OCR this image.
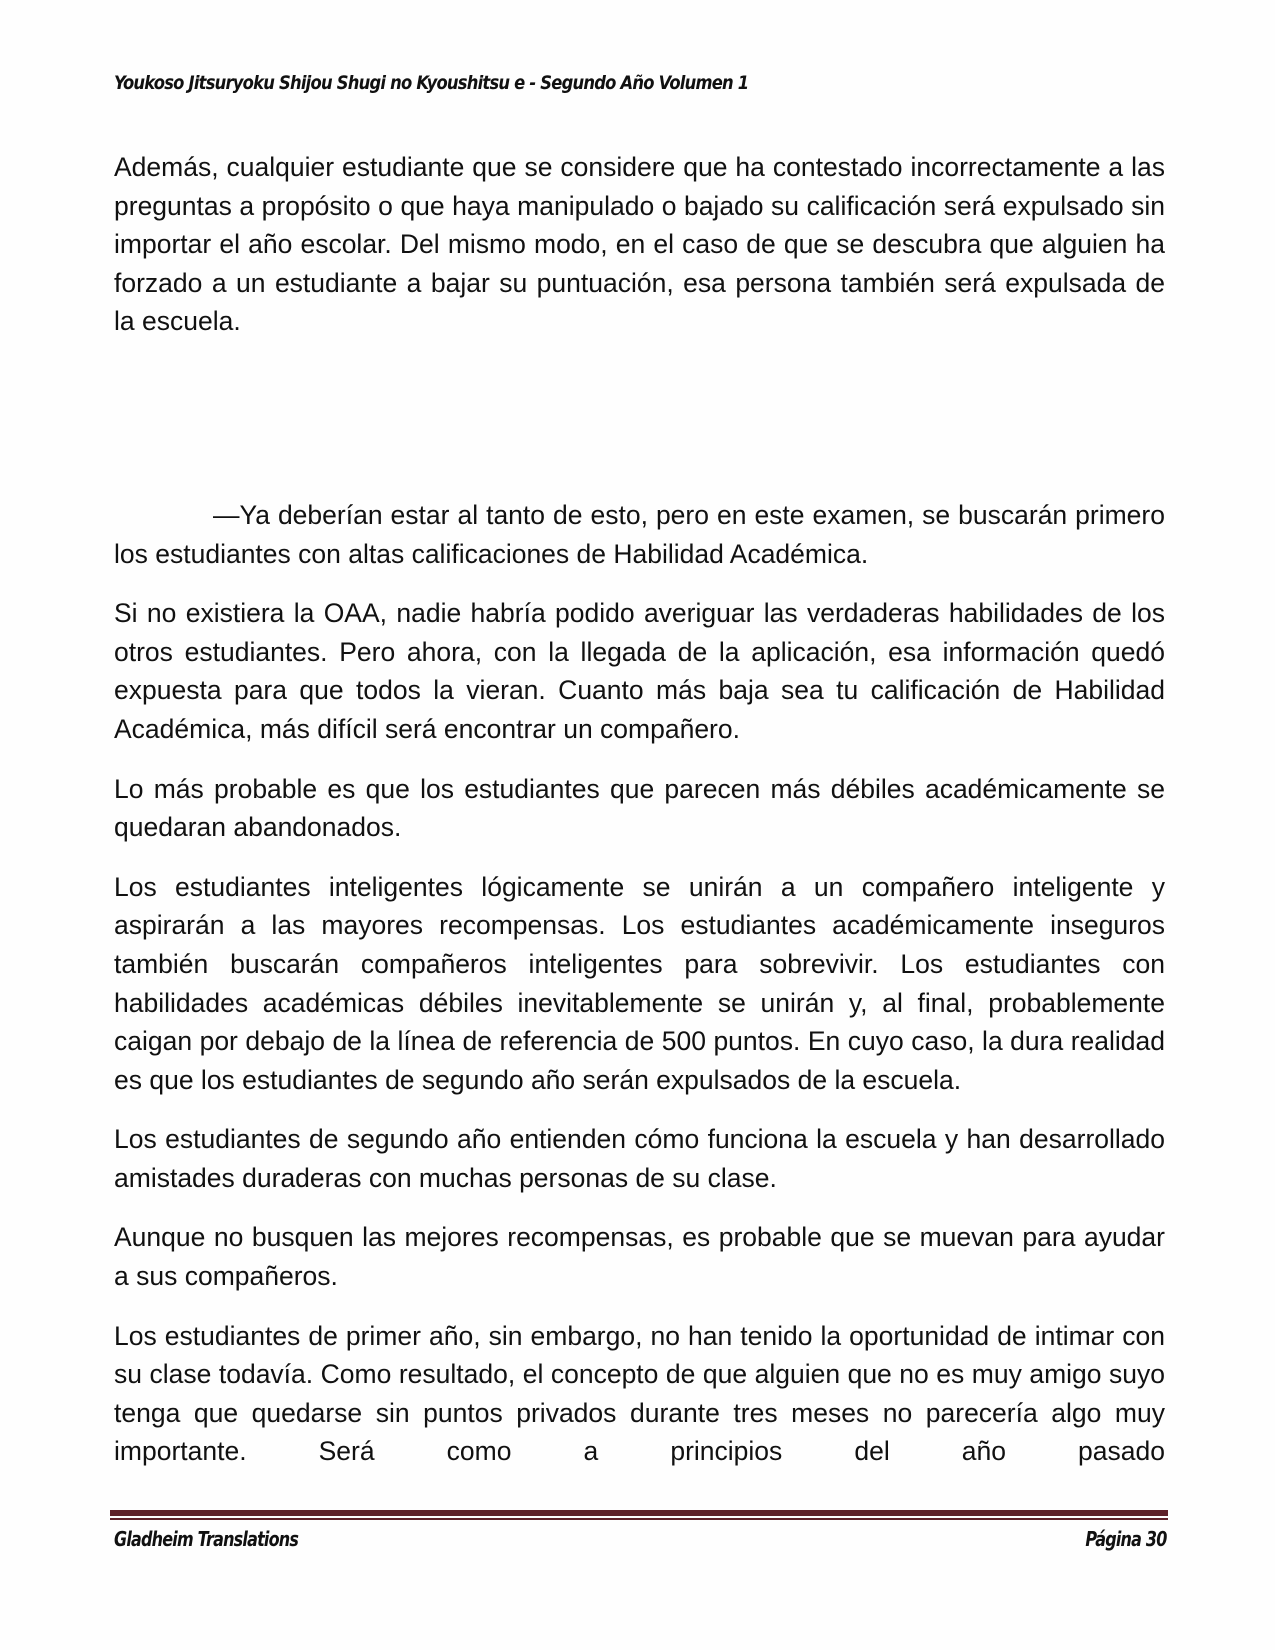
Youkoso Jitsuryoku Shijou Shugi no Kyoushitsu e - Segundo Año Volumen 1

Además, cualquier estudiante que se considere que ha contestado incorrectamente a las preguntas a propósito o que haya manipulado o bajado su calificación será expulsado sin importar el año escolar. Del mismo modo, en el caso de que se descubra que alguien ha forzado a un estudiante a bajar su puntuación, esa persona también será expulsada de la escuela.

—Ya deberían estar al tanto de esto, pero en este examen, se buscarán primero los estudiantes con altas calificaciones de Habilidad Académica.

Si no existiera la OAA, nadie habría podido averiguar las verdaderas habilidades de los otros estudiantes. Pero ahora, con la llegada de la aplicación, esa información quedó expuesta para que todos la vieran. Cuanto más baja sea tu calificación de Habilidad Académica, más difícil será encontrar un compañero.

Lo más probable es que los estudiantes que parecen más débiles académicamente se quedaran abandonados.

Los estudiantes inteligentes lógicamente se unirán a un compañero inteligente y aspirarán a las mayores recompensas. Los estudiantes académicamente inseguros también buscarán compañeros inteligentes para sobrevivir. Los estudiantes con habilidades académicas débiles inevitablemente se unirán y, al final, probablemente caigan por debajo de la línea de referencia de 500 puntos. En cuyo caso, la dura realidad es que los estudiantes de segundo año serán expulsados de la escuela.

Los estudiantes de segundo año entienden cómo funciona la escuela y han desarrollado amistades duraderas con muchas personas de su clase.

Aunque no busquen las mejores recompensas, es probable que se muevan para ayudar a sus compañeros.

Los estudiantes de primer año, sin embargo, no han tenido la oportunidad de intimar con su clase todavía. Como resultado, el concepto de que alguien que no es muy amigo suyo tenga que quedarse sin puntos privados durante tres meses no parecería algo muy importante. Será como a principios del año pasado

Gladheim Translations	Página 30
